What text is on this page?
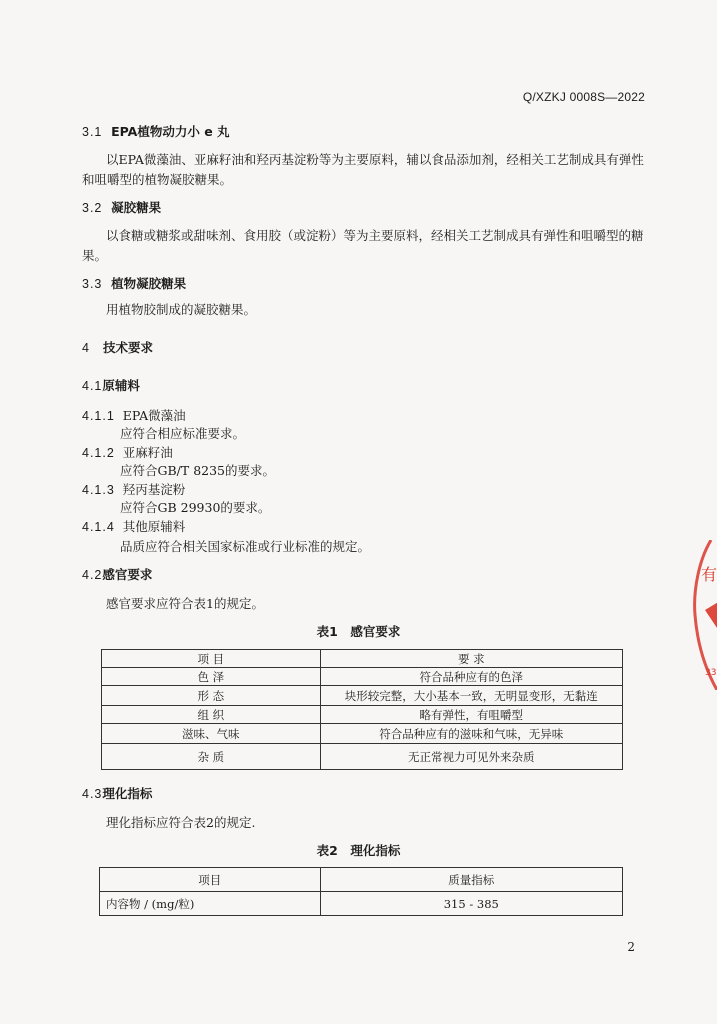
Q/XZKJ 0008S—2022
3.1 EPA植物动力小 e 丸
以EPA微藻油、亚麻籽油和羟丙基淀粉等为主要原料，辅以食品添加剂，经相关工艺制成具有弹性
和咀嚼型的植物凝胶糖果。
3.2 凝胶糖果
以食糖或糖浆或甜味剂、食用胶（或淀粉）等为主要原料，经相关工艺制成具有弹性和咀嚼型的糖
果。
3.3 植物凝胶糖果
用植物胶制成的凝胶糖果。
4 技术要求
4.1原辅料
4.1.1 EPA微藻油
应符合相应标准要求。
4.1.2 亚麻籽油
应符合GB/T 8235的要求。
4.1.3 羟丙基淀粉
应符合GB 29930的要求。
4.1.4 其他原辅料
品质应符合相关国家标准或行业标准的规定。
4.2感官要求
感官要求应符合表1的规定。
表1　感官要求
项 目	要 求
色 泽	符合品种应有的色泽
形 态	块形较完整，大小基本一致，无明显变形，无黏连
组 织	略有弹性，有咀嚼型
滋味、气味	符合品种应有的滋味和气味，无异味
杂 质	无正常视力可见外来杂质
4.3理化指标
理化指标应符合表2的规定.
表2　理化指标
项目	质量指标
内容物 / (mg/粒)	315 - 385
2
有
33
